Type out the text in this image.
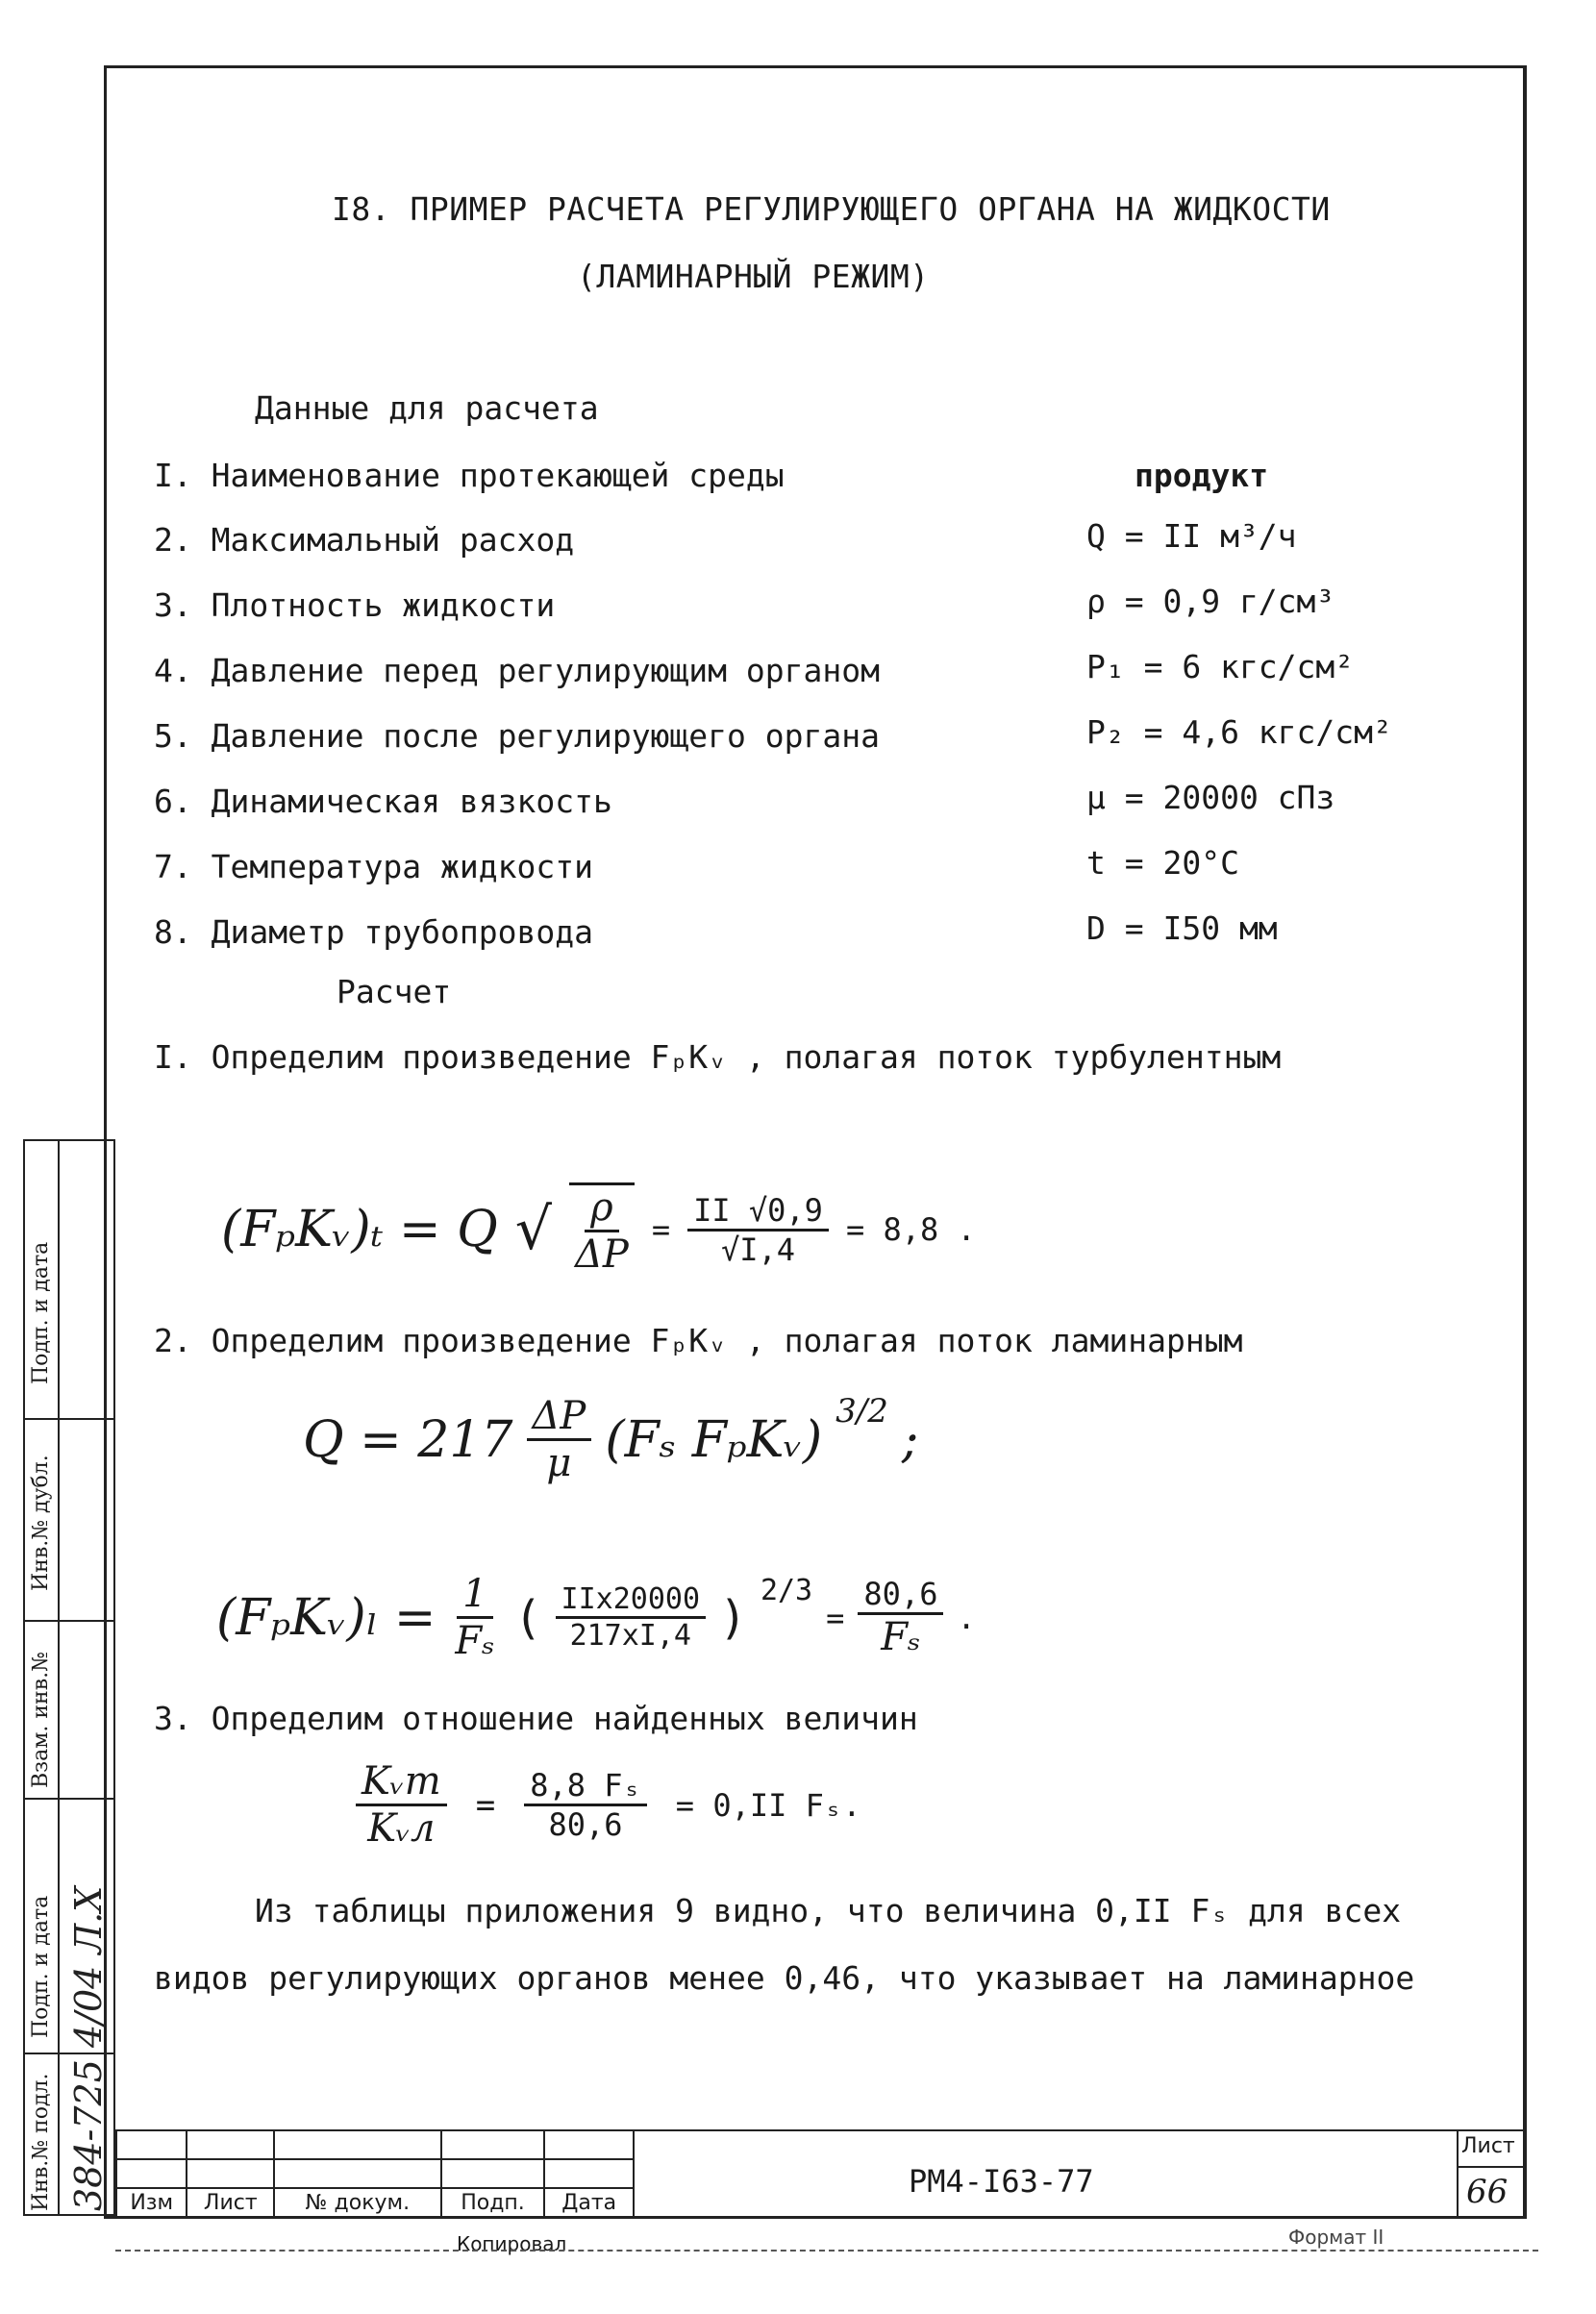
I8. ПРИМЕР РАСЧЕТА РЕГУЛИРУЮЩЕГО ОРГАНА НА ЖИДКОСТИ
(ЛАМИНАРНЫЙ РЕЖИМ)
Данные для расчета
I. Наименование протекающей среды	продукт
2. Максимальный расход	Q = II м³/ч
3. Плотность жидкости	ρ = 0,9 г/см³
4. Давление перед регулирующим органом	P₁ = 6 кгс/см²
5. Давление после регулирующего органа	P₂ = 4,6 кгс/см²
6. Динамическая вязкость	μ = 20000 сПз
7. Температура жидкости	t = 20°С
8. Диаметр трубопровода	D = I50 мм
Расчет
I. Определим произведение FₚKᵥ , полагая поток турбулентным
(FₚKᵥ)ₜ = Q √ $\frac{\rho}{\Delta P} = \frac{II √0,9}{√I,4} = 8,8$ .
2. Определим произведение FₚKᵥ , полагая поток ламинарным
$Q = 217 \frac{\Delta P}{\mu} (F_s$ FₚKᵥ) 3/2 ;
(FₚKᵥ)ₗ = $\frac{1}{\text{Fₛ}}$ ( $\frac{\text{IIх20000}}{217хI,4}$ ) 2/3
= $\frac{80,6}{\text{Fₛ}}$ .
3. Определим отношение найденных величин
$\frac{\text{Kᵥт}}{\text{Kᵥл}} = \frac{\text{8,8 Fₛ}}{80,6} = 0,II$ Fₛ.
Из таблицы приложения 9 видно, что величина 0,II Fₛ для всех
видов регулирующих органов менее 0,46, что указывает на ламинарное
Подп. и дата
Инв.№ дубл.
Взам. инв.№
Подп. и дата
Инв.№ подл. 384-725 4/04 Л.Х

				Изм	Лист	№ докум.	Подп.	Дата
РМ4-I63-77
Лист
66
Копировал	Формат II
